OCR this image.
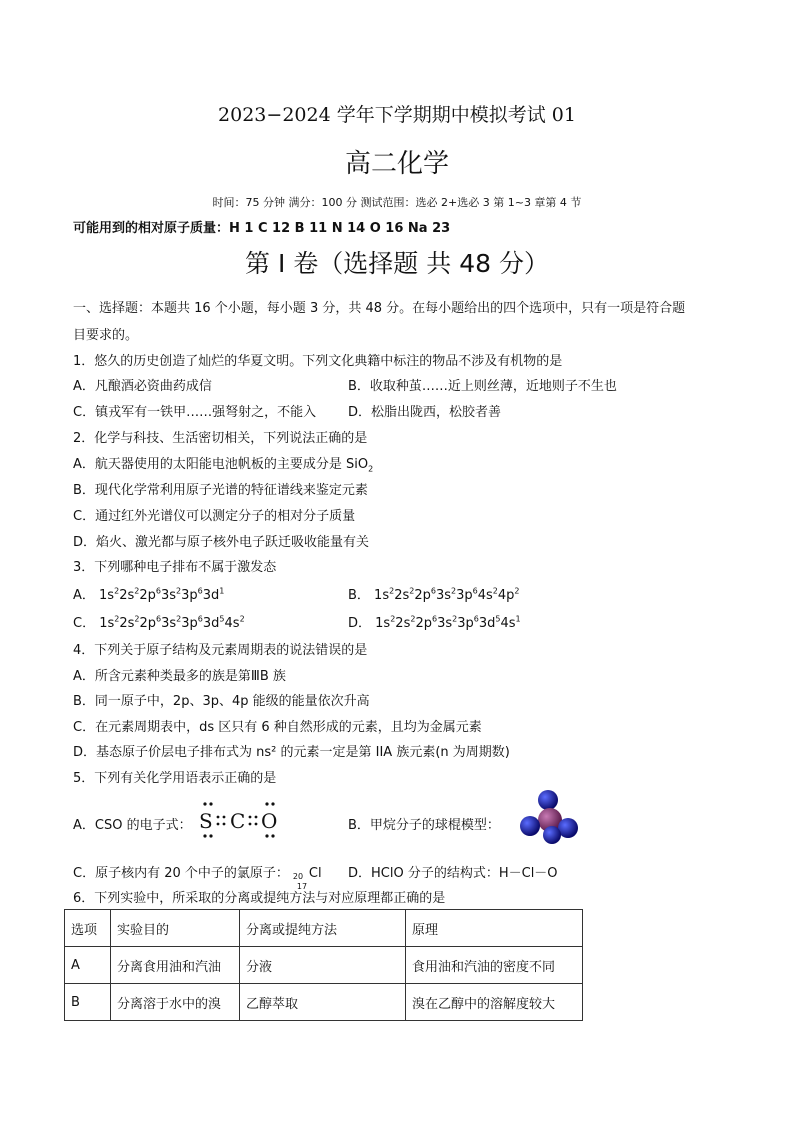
2023−2024 学年下学期期中模拟考试 01
高二化学
时间：75 分钟 满分：100 分 测试范围：选必 2+选必 3 第 1~3 章第 4 节
可能用到的相对原子质量：H 1 C 12 B 11 N 14 O 16 Na 23
第 I 卷（选择题 共 48 分）
一、选择题：本题共 16 个小题，每小题 3 分，共 48 分。在每小题给出的四个选项中，只有一项是符合题
目要求的。
1．悠久的历史创造了灿烂的华夏文明。下列文化典籍中标注的物品不涉及有机物的是
A．凡酿酒必资曲药成信	B．收取种茧……近上则丝薄，近地则子不生也
C．镇戎军有一铁甲……强弩射之，不能入 D．松脂出陇西，松胶者善
2．化学与科技、生活密切相关，下列说法正确的是
A．航天器使用的太阳能电池帆板的主要成分是 SiO$_2$
B．现代化学常利用原子光谱的特征谱线来鉴定元素
C．通过红外光谱仪可以测定分子的相对分子质量
D．焰火、激光都与原子核外电子跃迁吸收能量有关
3．下列哪种电子排布不属于激发态
A． $1s^22s^22p^63s^23p^63d^1$	B． $1s^22s^22p^63s^23p^64s^24p^2$
C． $1s^22s^22p^63s^23p^63d^54s^2$	D． $1s^22s^22p^63s^23p^63d^54s^1$
4．下列关于原子结构及元素周期表的说法错误的是
A．所含元素种类最多的族是第ⅢB 族
B．同一原子中，2p、3p、4p 能级的能量依次升高
C．在元素周期表中，ds 区只有 6 种自然形成的元素，且均为金属元素
D．基态原子价层电子排布式为 ns² 的元素一定是第 IIA 族元素(n 为周期数)
5．下列有关化学用语表示正确的是
A．CSO 的电子式： S C O	B．甲烷分子的球棍模型：
C．原子核内有 20 个中子的氯原子： 20
17
Cl D．HClO 分子的结构式：H－Cl－O
6．下列实验中，所采取的分离或提纯方法与对应原理都正确的是
选项	实验目的	分离或提纯方法	原理
A	分离食用油和汽油	分液	食用油和汽油的密度不同
B	分离溶于水中的溴	乙醇萃取	溴在乙醇中的溶解度较大
